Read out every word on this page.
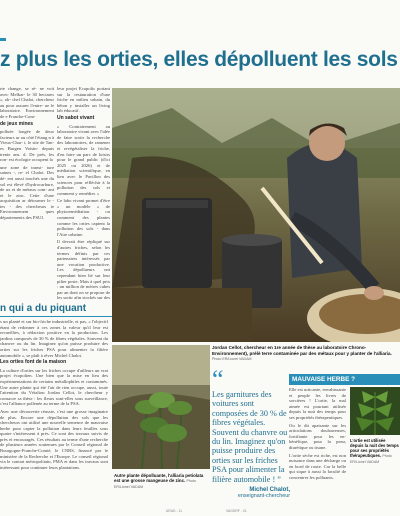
z plus les orties, elles dépolluent les sols

rte change, se ré- ne voit avec Melkar- le 30 hectares », ob- chel Chalot, chercheur au pour assurer l'entre- ue le laboratoire. Environnement de e Franche-Com-

de jeux mines

polluée longée de deux facteurs ur au côté l'étang n à Vieux-Char- t, le site de Tan- es Burgen Voisin- depuis trente ans. d. De près, les ron- est écologie occupent la

une zone de transi- ture saines -, re- el Chalot. Des dé- ent aussi touchés une du sol est élevé d'hydrocarbure, de ux et de métaux com- ant et le zinc. Cette d'une acquisition ar détourner le - ies - des chercheurs ie Environnement ques départements des PSUI.

leur projet Ecopolis portant sur la restauration d'une friche en milieu urbain, du bêton y installer un living lab éducatif.

Un sabot vivant

« Contrairement au laboratoire vivant avec l'idée de faire sortir la recherche des laboratoires, de ramener et revégétaliser la friche, d'en faire un parc de loisirs pour le grand public (d'ici 2025 ou 2026) et de médiation scientifique, en lien avec le Pavillon des sciences pour réfléchir à la pollution des sols et comment y remédier. »

Ce labo vivant promet d'être « un modèle » de phytoremédiation - ou comment des plantes comme les orties captent la pollution des sols - dans l'Aire urbaine.

Il devrait être répliqué sur d'autres friches, selon les termes définis par ces partenaires intéressés par une vocation productive. Les dépollueurs ont cependant bien lié sur leur pilier poste. Mais à quel prix : un million de mètres cubes par an dont on se propose de les sortir afin stockés sur des

n qui a du piquant

s un planté et sur bio-friche industrielle, et pas, « l'objectif étant de redonner à ces zones la valeur qu'il leur est recueillies, à rédaction positive en la production. Les jardins composés de 30 % de fibres végétales. Souvent du chanvre ou du lin. Imaginez qu'on puisse produire des orties sur les friches PSA pour alimenter la filière automobile », se plaît à rêver Michel Chalot.

Les orties font de la maison

La culture d'orties sur les friches occupe d'ailleurs un vrai projet écopolien. Une bien que la mise en lieu des expérimentations de certains métallophiles et contaminés. Une autre plante qui été l'air de rien occupe, aussi, toute l'attention du Vétalion Jordan Cellot, le chercheur y consacre sa thèse : les fleurs sont-elles sous surveillance, c'est l'alliance pollenée au terme de la PSA.

Avec une découverte réussie, c'est une grosse imaginaire de plus. Encore une dépollution des sols que les chercheurs ont utilisé une nouvelle semence de mauvaise herbe pour capter la pollution dans leurs feuilles sous quatre s'intéressent à près. Ce sont des travaux suivis de près et encouragés. Ces résultats au terme d'une recherche de plusieurs années soutenues par le Conseil régional de Bourgogne-Franche-Comté, le CNRS, financé par le ministère de la Recherche et l'Europe. Le conseil régional via le contrat métropolitain, PMA et dans les travaux sont intéressant pour continuer leurs plantations.

Jordan Cellot, chercheur en 1re année de thèse au laboratoire Chrono-Environnement), prélè terre contaminée par des métaux pour y planter de l'alliaria. Photo ER/Lionel VADAM
Autre plante dépolluante, l'alliaria petiolata est une grosse mangeuse de zinc. Photo ER/Lionel VADAM
“
Les garnitures des voitures sont composées de 30 % de fibres végétales. Souvent du chanvre ou du lin. Imaginez qu'on puisse produire des orties sur les friches PSA pour alimenter la filière automobile ! ”
Michel Chalot,
enseignant-chercheur
MAUVAISE HERBE ?

Elle est urticante, envahissante et peuple les livres de sorcières ! L'ortie, la mal aimée est pourtant utilisée depuis la nuit des temps pour ses propriétés thérapeutiques.

Ou le dit apaisante sur les articulations douloureuses, fortifiante pour les en-bénéfique, pour la peau, diurétique ou tisane.

L'ortie sèche est riche, est non nuisance dans une décharge ou en bord de route. Car la belle qui sique à aussi la faculté de concentrer les polluants.

L'ortie est utilisée depuis la nuit des temps pour ses propriétés thérapeutiques. Photo ER/Lionel VADAM
ARAD - 11	VAGDRF - 01
